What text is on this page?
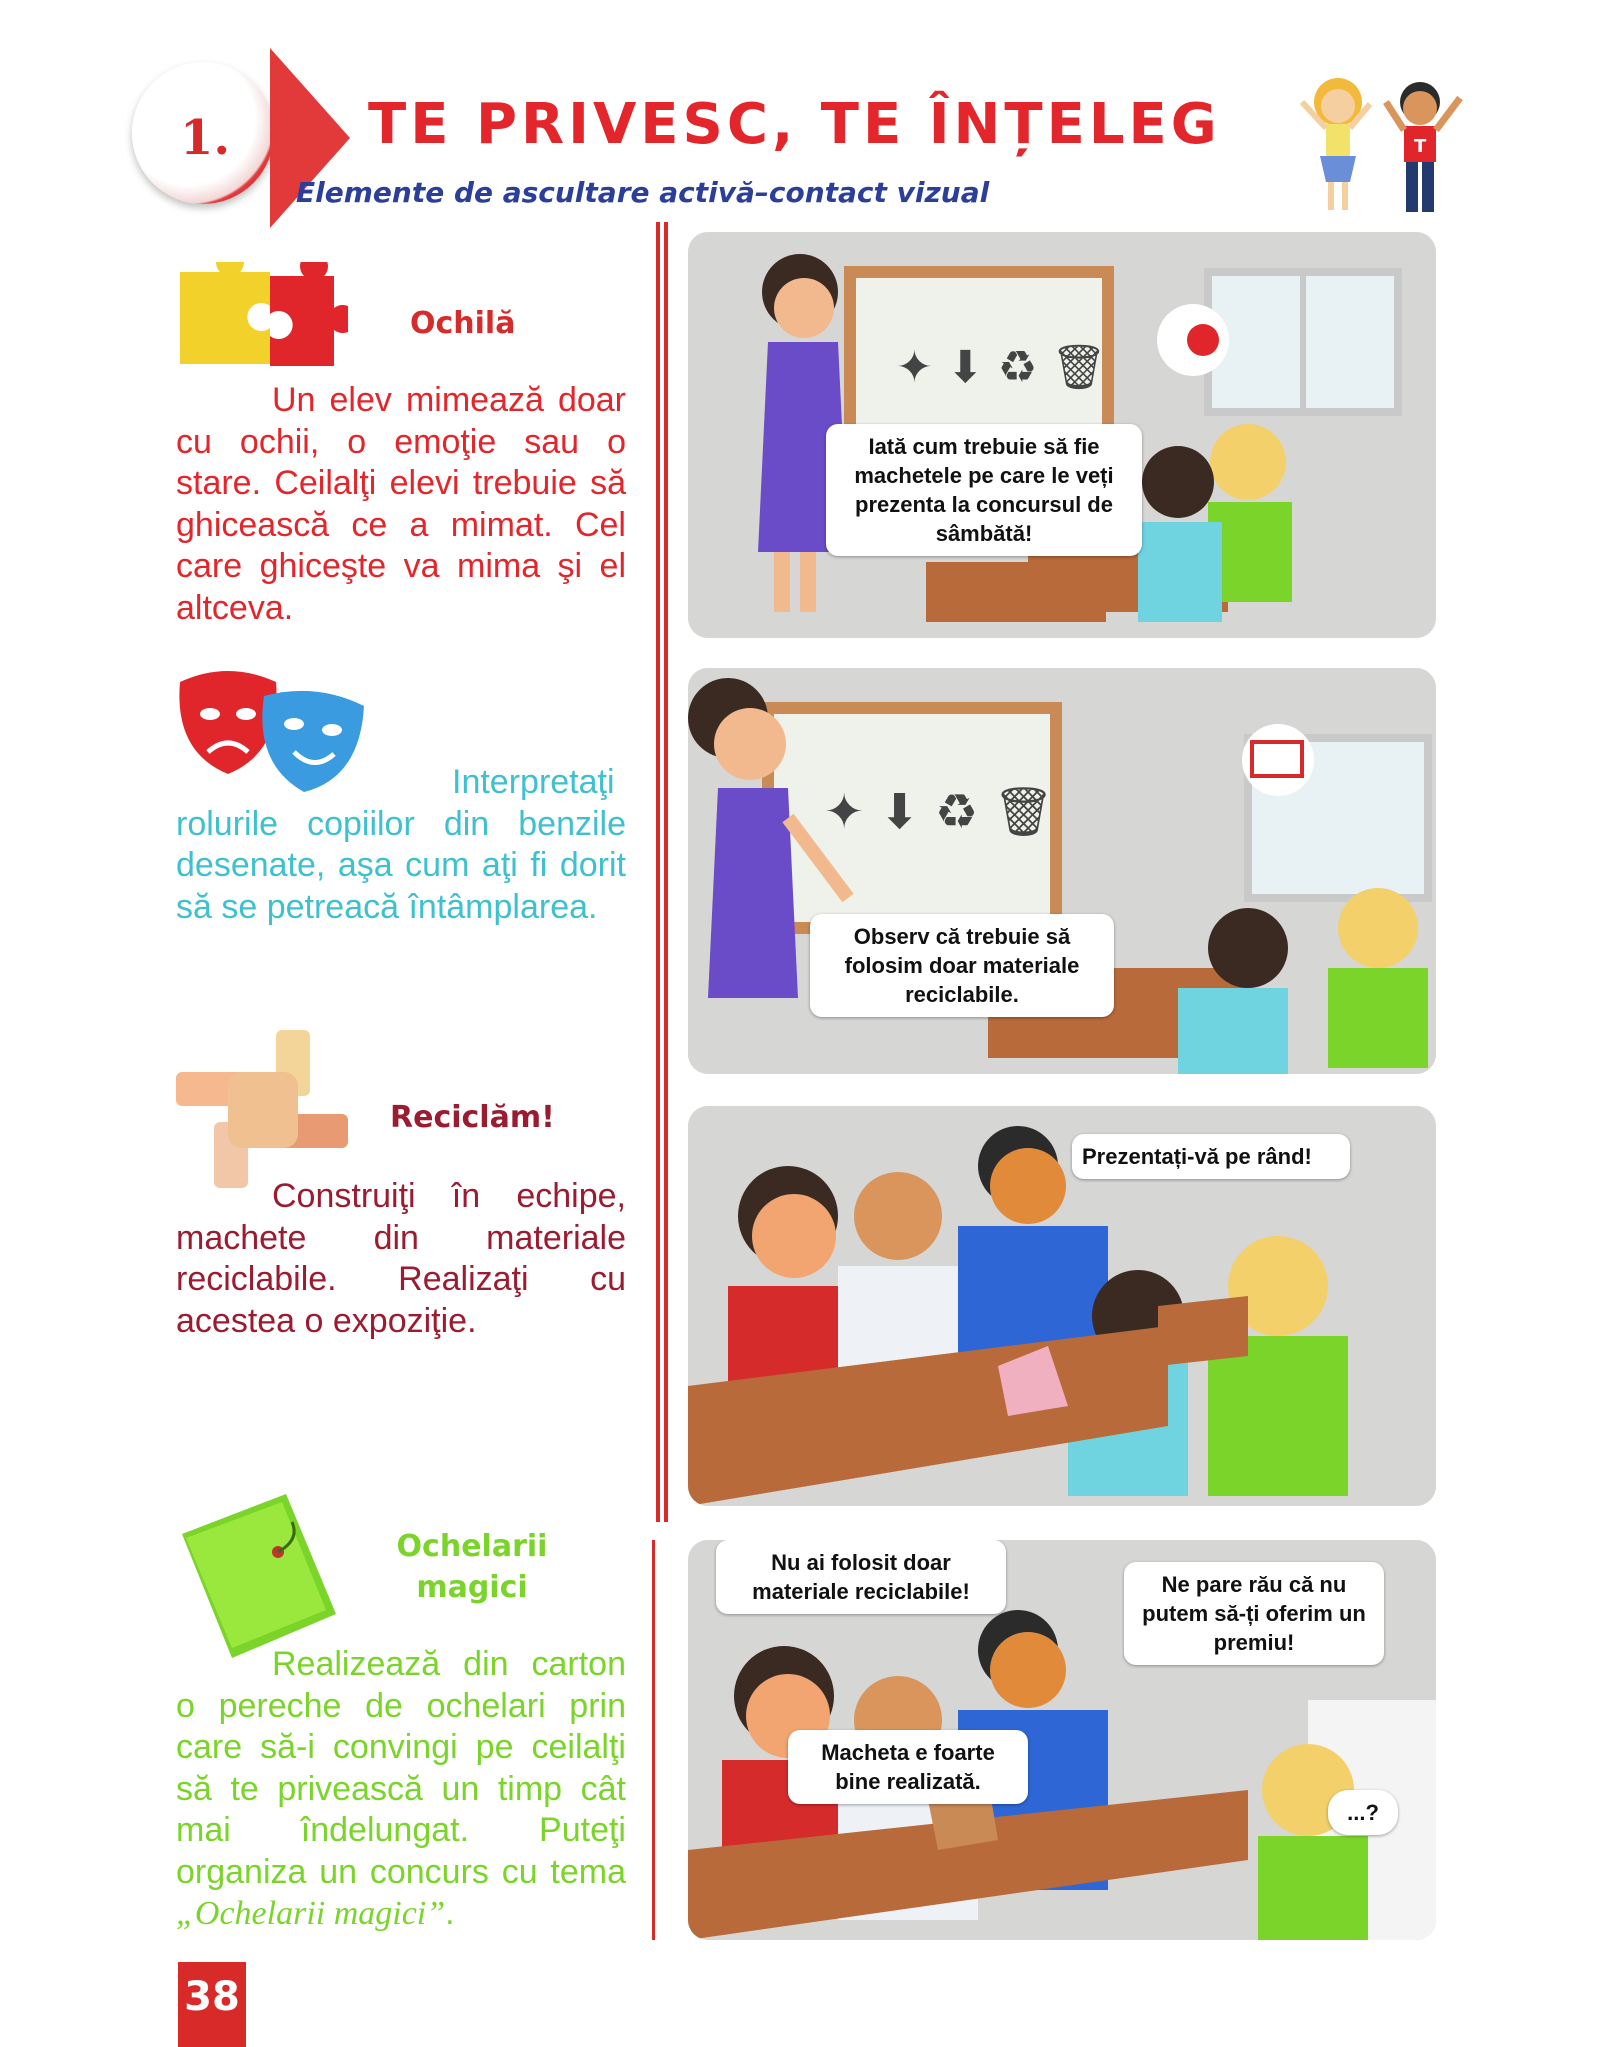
1. TE PRIVESC, TE ÎNȚELEG
Elemente de ascultare activă–contact vizual
T
Ochilă
Un elev mimează doar cu ochii, o emoţie sau o stare. Ceilalţi elevi trebuie să ghicească ce a mimat. Cel care ghiceşte va mima şi el altceva.
Interpretaţi rolurile copiilor din benzile desenate, aşa cum aţi fi dorit să se petreacă întâmplarea.
Reciclăm!
Construiţi în echipe, machete din materiale reciclabile. Realizaţi cu acestea o expoziţie.
Ochelarii magici
Realizează din carton o pereche de ochelari prin care să-i convingi pe ceilalţi să te privească un timp cât mai îndelungat. Puteţi organiza un concurs cu tema „Ochelarii magici”.
38
✦ ⬇ ♻ 🗑
Iată cum trebuie să fie machetele pe care le veți prezenta la concursul de sâmbătă!
✦ ⬇ ♻ 🗑
Observ că trebuie să folosim doar materiale reciclabile.
Prezentați-vă pe rând!
Nu ai folosit doar materiale reciclabile!	Ne pare rău că nu putem să-ți oferim un premiu!
Macheta e foarte bine realizată.
...?
